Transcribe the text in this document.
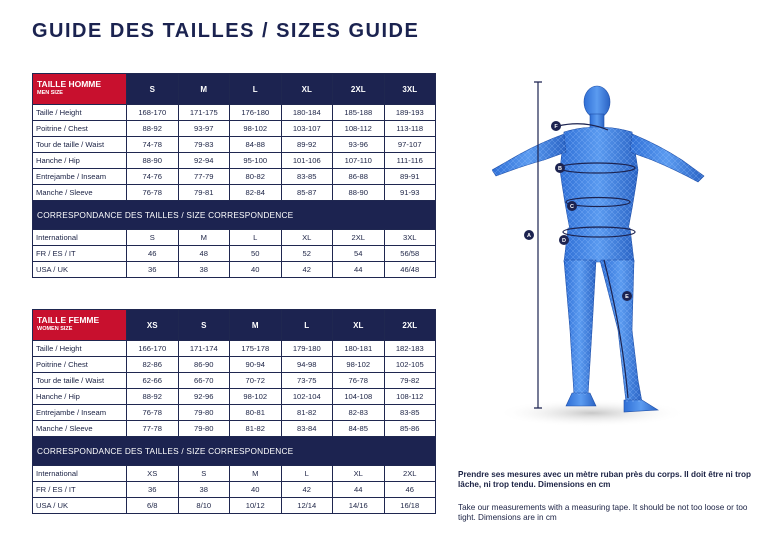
GUIDE DES TAILLES / SIZES GUIDE
TAILLE HOMME
MEN SIZE	S	M	L	XL	2XL	3XL
Taille / Height	168-170	171-175	176-180	180-184	185-188	189-193
Poitrine / Chest	88-92	93-97	98-102	103-107	108-112	113-118
Tour de taille / Waist	74-78	79-83	84-88	89-92	93-96	97-107
Hanche / Hip	88-90	92-94	95-100	101-106	107-110	111-116
Entrejambe / Inseam	74-76	77-79	80-82	83-85	86-88	89-91
Manche / Sleeve	76-78	79-81	82-84	85-87	88-90	91-93
CORRESPONDANCE DES TAILLES / SIZE CORRESPONDENCE						
International	S	M	L	XL	2XL	3XL
FR / ES / IT	46	48	50	52	54	56/58
USA / UK	36	38	40	42	44	46/48
TAILLE FEMME
WOMEN SIZE	XS	S	M	L	XL	2XL
Taille / Height	166-170	171-174	175-178	179-180	180-181	182-183
Poitrine / Chest	82-86	86-90	90-94	94-98	98-102	102-105
Tour de taille / Waist	62-66	66-70	70-72	73-75	76-78	79-82
Hanche / Hip	88-92	92-96	98-102	102-104	104-108	108-112
Entrejambe / Inseam	76-78	79-80	80-81	81-82	82-83	83-85
Manche / Sleeve	77-78	79-80	81-82	83-84	84-85	85-86
CORRESPONDANCE DES TAILLES / SIZE CORRESPONDENCE						
International	XS	S	M	L	XL	2XL
FR / ES / IT	36	38	40	42	44	46
USA / UK	6/8	8/10	10/12	12/14	14/16	16/18
A
B
C
D
E
F

Prendre ses mesures avec un mètre ruban près du corps. Il doit être ni trop lâche, ni trop tendu. Dimensions en cm

Take our measurements with a measuring tape. It should be not too loose or too tight. Dimensions are in cm
